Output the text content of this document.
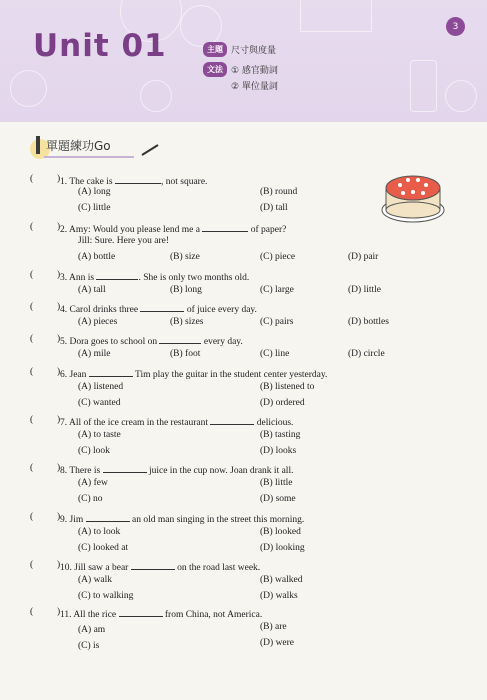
Unit 01	主題 尺寸與度量
文法 ① 感官動詞
② 單位量詞
3
單題練功Go
(	) 1. The cake is	, not square.
(A) long	(B) round
(C) little	(D) tall
(	) 2. Amy: Would you please lend me a	of paper?
Jill: Sure. Here you are!
(A) bottle	(B) size	(C) piece	(D) pair
(	) 3. Ann is	. She is only two months old.
(A) tall	(B) long	(C) large	(D) little
(	) 4. Carol drinks three	of juice every day.
(A) pieces	(B) sizes	(C) pairs	(D) bottles
(	) 5. Dora goes to school on	every day.
(A) mile	(B) foot	(C) line	(D) circle
(	) 6. Jean	Tim play the guitar in the student center yesterday.
(A) listened	(B) listened to
(C) wanted	(D) ordered
(	) 7. All of the ice cream in the restaurant	delicious.
(A) to taste	(B) tasting
(C) look	(D) looks
(	) 8. There is	juice in the cup now. Joan drank it all.
(A) few	(B) little
(C) no	(D) some
(	) 9. Jim	an old man singing in the street this morning.
(A) to look	(B) looked
(C) looked at	(D) looking
(	) 10. Jill saw a bear	on the road last week.
(A) walk	(B) walked
(C) to walking	(D) walks
(	) 11. All the rice	from China, not America.
(A) am	(B) are
(C) is	(D) were
